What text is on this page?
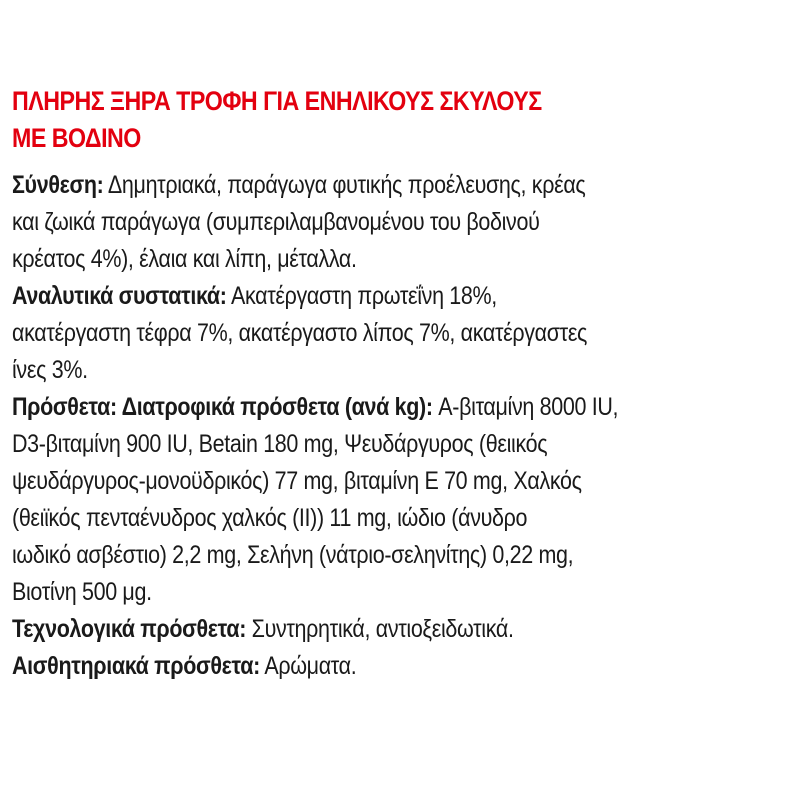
ΠΛΗΡΗΣ ΞΗΡΑ ΤΡΟΦΗ ΓΙΑ ΕΝΗΛΙΚΟΥΣ ΣΚΥΛΟΥΣ
ΜΕ ΒΟΔΙΝΟ
Σύνθεση: Δημητριακά, παράγωγα φυτικής προέλευσης, κρέας
και ζωικά παράγωγα (συμπεριλαμβανομένου του βοδινού
κρέατος 4%), έλαια και λίπη, μέταλλα.
Αναλυτικά συστατικά: Ακατέργαστη πρωτεΐνη 18%,
ακατέργαστη τέφρα 7%, ακατέργαστο λίπος 7%, ακατέργαστες
ίνες 3%.
Πρόσθετα: Διατροφικά πρόσθετα (ανά kg): A-βιταμίνη 8000 IU,
D3-βιταμίνη 900 IU, Betain 180 mg, Ψευδάργυρος (θειικός
ψευδάργυρος-μονοϋδρικός) 77 mg, βιταμίνη E 70 mg, Χαλκός
(θειϊκός πενταένυδρος χαλκός (II)) 11 mg, ιώδιο (άνυδρο
ιωδικό ασβέστιο) 2,2 mg, Σελήνη (νάτριο-σεληνίτης) 0,22 mg,
Βιοτίνη 500 μg.
Τεχνολογικά πρόσθετα: Συντηρητικά, αντιοξειδωτικά.
Αισθητηριακά πρόσθετα: Αρώματα.
